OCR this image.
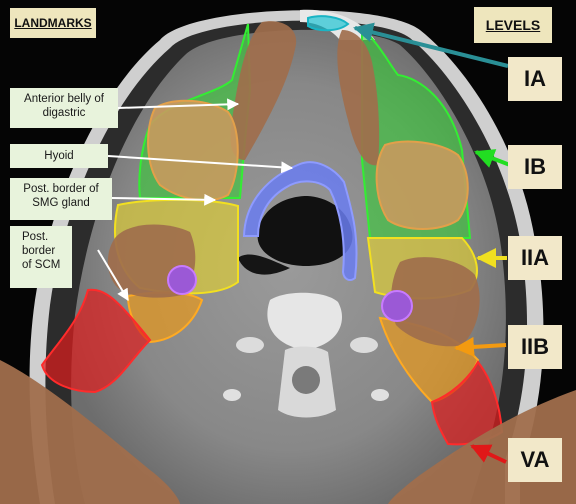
LANDMARKS	LEVELS
Anterior belly of digastric
Hyoid
Post. border of SMG gland
Post. border of SCM
IA
IB
IIA
IIB
VA
